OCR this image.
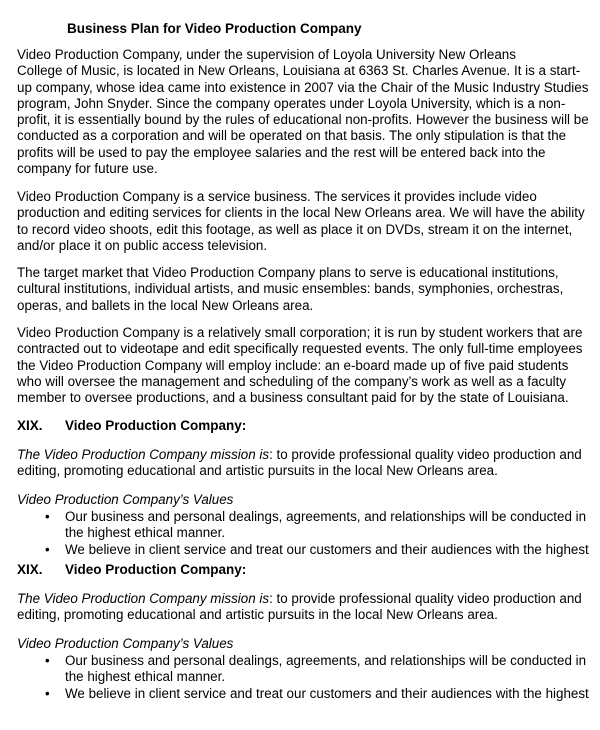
Business Plan for Video Production Company
Video Production Company, under the supervision of Loyola University New Orleans
College of Music, is located in New Orleans, Louisiana at 6363 St. Charles Avenue. It is a start-
up company, whose idea came into existence in 2007 via the Chair of the Music Industry Studies
program, John Snyder. Since the company operates under Loyola University, which is a non-
profit, it is essentially bound by the rules of educational non-profits. However the business will be
conducted as a corporation and will be operated on that basis. The only stipulation is that the
profits will be used to pay the employee salaries and the rest will be entered back into the
company for future use.
Video Production Company is a service business. The services it provides include video
production and editing services for clients in the local New Orleans area. We will have the ability
to record video shoots, edit this footage, as well as place it on DVDs, stream it on the internet,
and/or place it on public access television.
The target market that Video Production Company plans to serve is educational institutions,
cultural institutions, individual artists, and music ensembles: bands, symphonies, orchestras,
operas, and ballets in the local New Orleans area.
Video Production Company is a relatively small corporation; it is run by student workers that are
contracted out to videotape and edit specifically requested events. The only full-time employees
the Video Production Company will employ include: an e-board made up of five paid students
who will oversee the management and scheduling of the company’s work as well as a faculty
member to oversee productions, and a business consultant paid for by the state of Louisiana.
XIX. Video Production Company:
The Video Production Company mission is: to provide professional quality video production and
editing, promoting educational and artistic pursuits in the local New Orleans area.
Video Production Company’s Values
• Our business and personal dealings, agreements, and relationships will be conducted in
the highest ethical manner.
• We believe in client service and treat our customers and their audiences with the highest
XIX. Video Production Company:
The Video Production Company mission is: to provide professional quality video production and
editing, promoting educational and artistic pursuits in the local New Orleans area.
Video Production Company’s Values
• Our business and personal dealings, agreements, and relationships will be conducted in
the highest ethical manner.
• We believe in client service and treat our customers and their audiences with the highest
